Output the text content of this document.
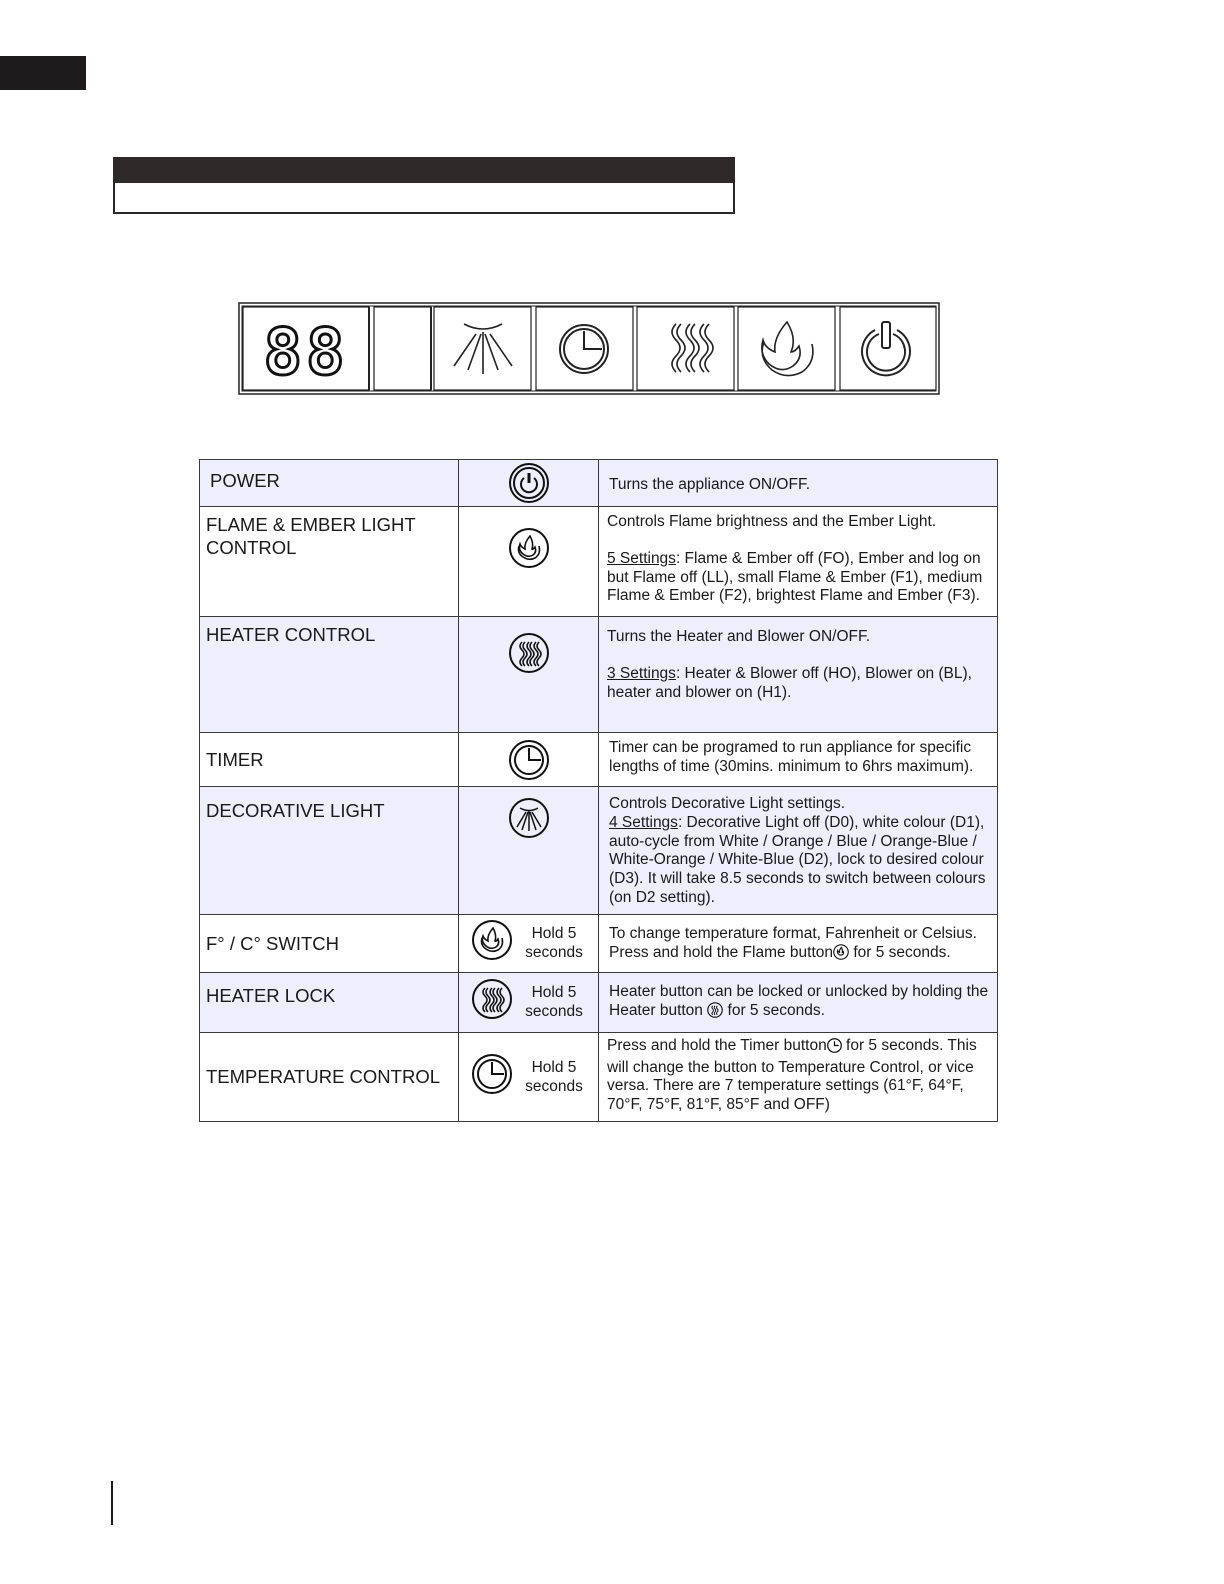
88
POWER		Turns the appliance ON/OFF.

FLAME & EMBER LIGHT CONTROL		Controls Flame brightness and the Ember Light.

5 Settings: Flame & Ember off (FO), Ember and log on but Flame off (LL), small Flame & Ember (F1), medium Flame & Ember (F2), brightest Flame and Ember (F3).

HEATER CONTROL		Turns the Heater and Blower ON/OFF.

3 Settings: Heater & Blower off (HO), Blower on (BL), heater and blower on (H1).

TIMER		Timer can be programed to run appliance for specific lengths of time (30mins. minimum to 6hrs maximum).

DECORATIVE LIGHT		Controls Decorative Light settings.

4 Settings: Decorative Light off (D0), white colour (D1), auto-cycle from White / Orange / Blue / Orange-Blue / White-Orange / White-Blue (D2), lock to desired colour (D3). It will take 8.5 seconds to switch between colours (on D2 setting).

F° / C° SWITCH	Hold 5 seconds	To change temperature format, Fahrenheit or Celsius. Press and hold the Flame button for 5 seconds.

HEATER LOCK	Hold 5 seconds	Heater button can be locked or unlocked by holding the Heater button  for 5 seconds.

TEMPERATURE CONTROL	Hold 5 seconds	Press and hold the Timer button for 5 seconds. This will change the button to Temperature Control, or vice versa. There are 7 temperature settings (61°F, 64°F, 70°F, 75°F, 81°F, 85°F and OFF)
